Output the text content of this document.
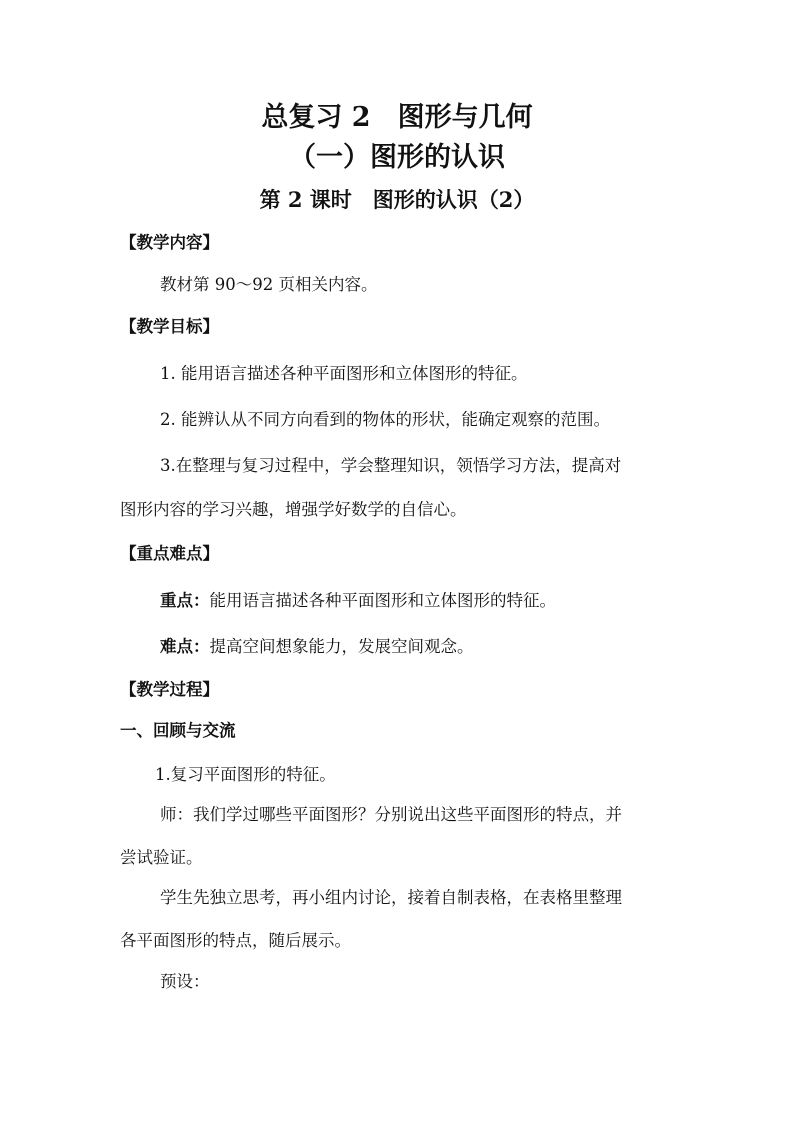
总复习 2　图形与几何
（一）图形的认识
第 2 课时　图形的认识（2）
【教学内容】
教材第 90～92 页相关内容。
【教学目标】
1. 能用语言描述各种平面图形和立体图形的特征。
2. 能辨认从不同方向看到的物体的形状，能确定观察的范围。
3.在整理与复习过程中，学会整理知识，领悟学习方法，提高对
图形内容的学习兴趣，增强学好数学的自信心。
【重点难点】
重点：能用语言描述各种平面图形和立体图形的特征。
难点：提高空间想象能力，发展空间观念。
【教学过程】
一、回顾与交流
1.复习平面图形的特征。
师：我们学过哪些平面图形？分别说出这些平面图形的特点，并
尝试验证。
学生先独立思考，再小组内讨论，接着自制表格，在表格里整理
各平面图形的特点，随后展示。
预设：
